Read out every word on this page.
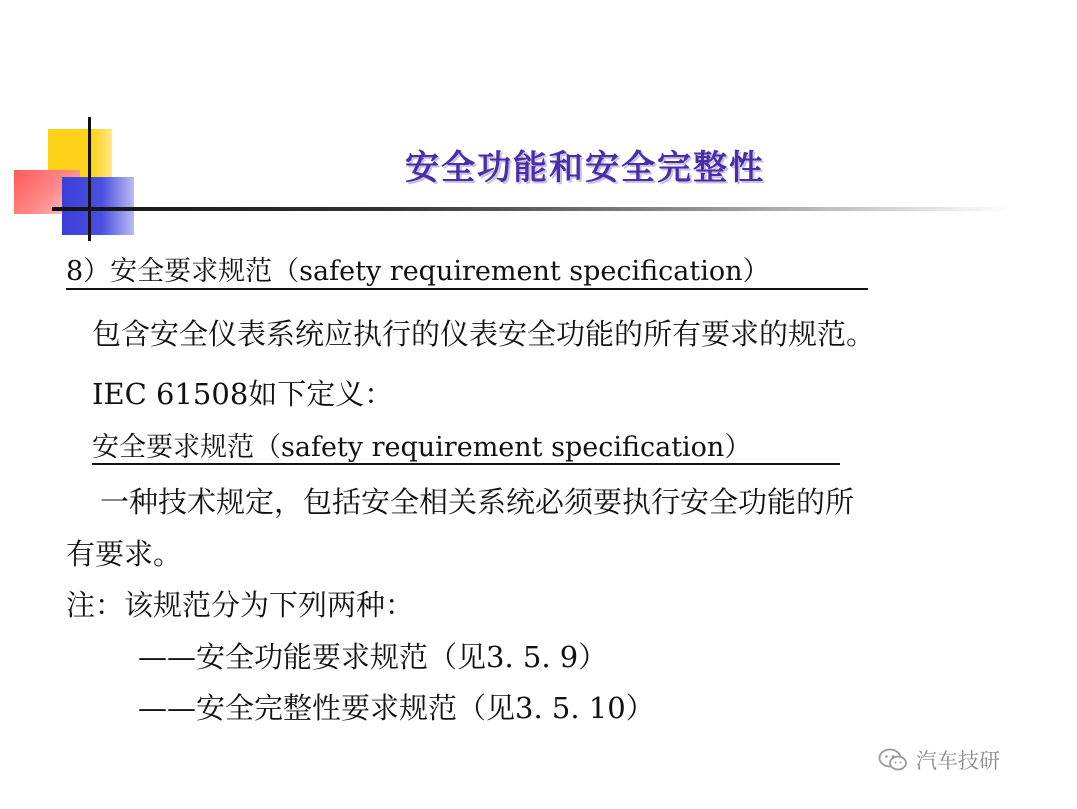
安全功能和安全完整性
8）安全要求规范（safety requirement specification）
包含安全仪表系统应执行的仪表安全功能的所有要求的规范。
IEC 61508如下定义：
安全要求规范（safety requirement specification）
一种技术规定，包括安全相关系统必须要执行安全功能的所
有要求。
注：该规范分为下列两种：
——安全功能要求规范（见3. 5. 9）
——安全完整性要求规范（见3. 5. 10）
汽车技研
